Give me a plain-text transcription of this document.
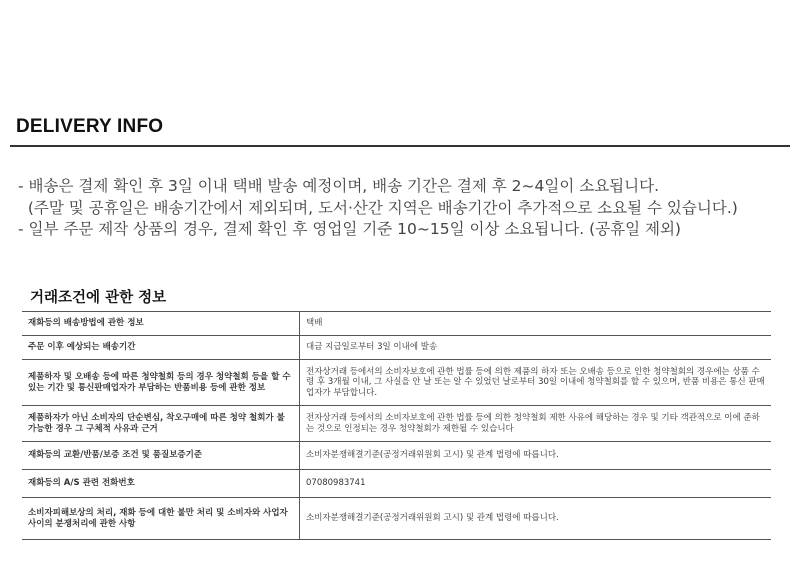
DELIVERY INFO
- 배송은 결제 확인 후 3일 이내 택배 발송 예정이며, 배송 기간은 결제 후 2~4일이 소요됩니다.
(주말 및 공휴일은 배송기간에서 제외되며, 도서·산간 지역은 배송기간이 추가적으로 소요될 수 있습니다.)
- 일부 주문 제작 상품의 경우, 결제 확인 후 영업일 기준 10~15일 이상 소요됩니다. (공휴일 제외)
거래조건에 관한 정보
재화등의 배송방법에 관한 정보	택배
주문 이후 예상되는 배송기간	대금 지급일로부터 3일 이내에 발송
제품하자 및 오배송 등에 따른 청약철회 등의 경우 청약철회 등을 할 수 있는 기간 및 통신판매업자가 부담하는 반품비용 등에 관한 정보	전자상거래 등에서의 소비자보호에 관한 법률 등에 의한 제품의 하자 또는 오배송 등으로 인한 청약철회의 경우에는 상품 수령 후 3개월 이내, 그 사실을 안 날 또는 알 수 있었던 날로부터 30일 이내에 청약철회를 할 수 있으며, 반품 비용은 통신 판매업자가 부담합니다.
제품하자가 아닌 소비자의 단순변심, 착오구매에 따른 청약 철회가 불가능한 경우 그 구체적 사유과 근거	전자상거래 등에서의 소비자보호에 관한 법률 등에 의한 청약철회 제한 사유에 해당하는 경우 및 기타 객관적으로 이에 준하는 것으로 인정되는 경우 청약철회가 제한될 수 있습니다
재화등의 교환/반품/보증 조건 및 품질보증기준	소비자분쟁해결기준(공정거래위원회 고시) 및 관계 법령에 따릅니다.
재화등의 A/S 관련 전화번호	07080983741
소비자피해보상의 처리, 재화 등에 대한 불만 처리 및 소비자와 사업자 사이의 분쟁처리에 관한 사항	소비자분쟁해결기준(공정거래위원회 고시) 및 관계 법령에 따릅니다.
